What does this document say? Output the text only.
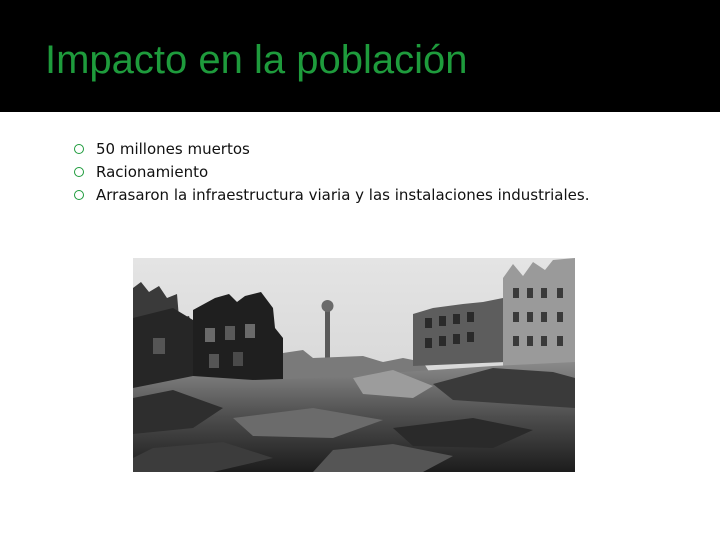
Impacto en la población
50 millones muertos
Racionamiento
Arrasaron la infraestructura viaria y las instalaciones industriales.
